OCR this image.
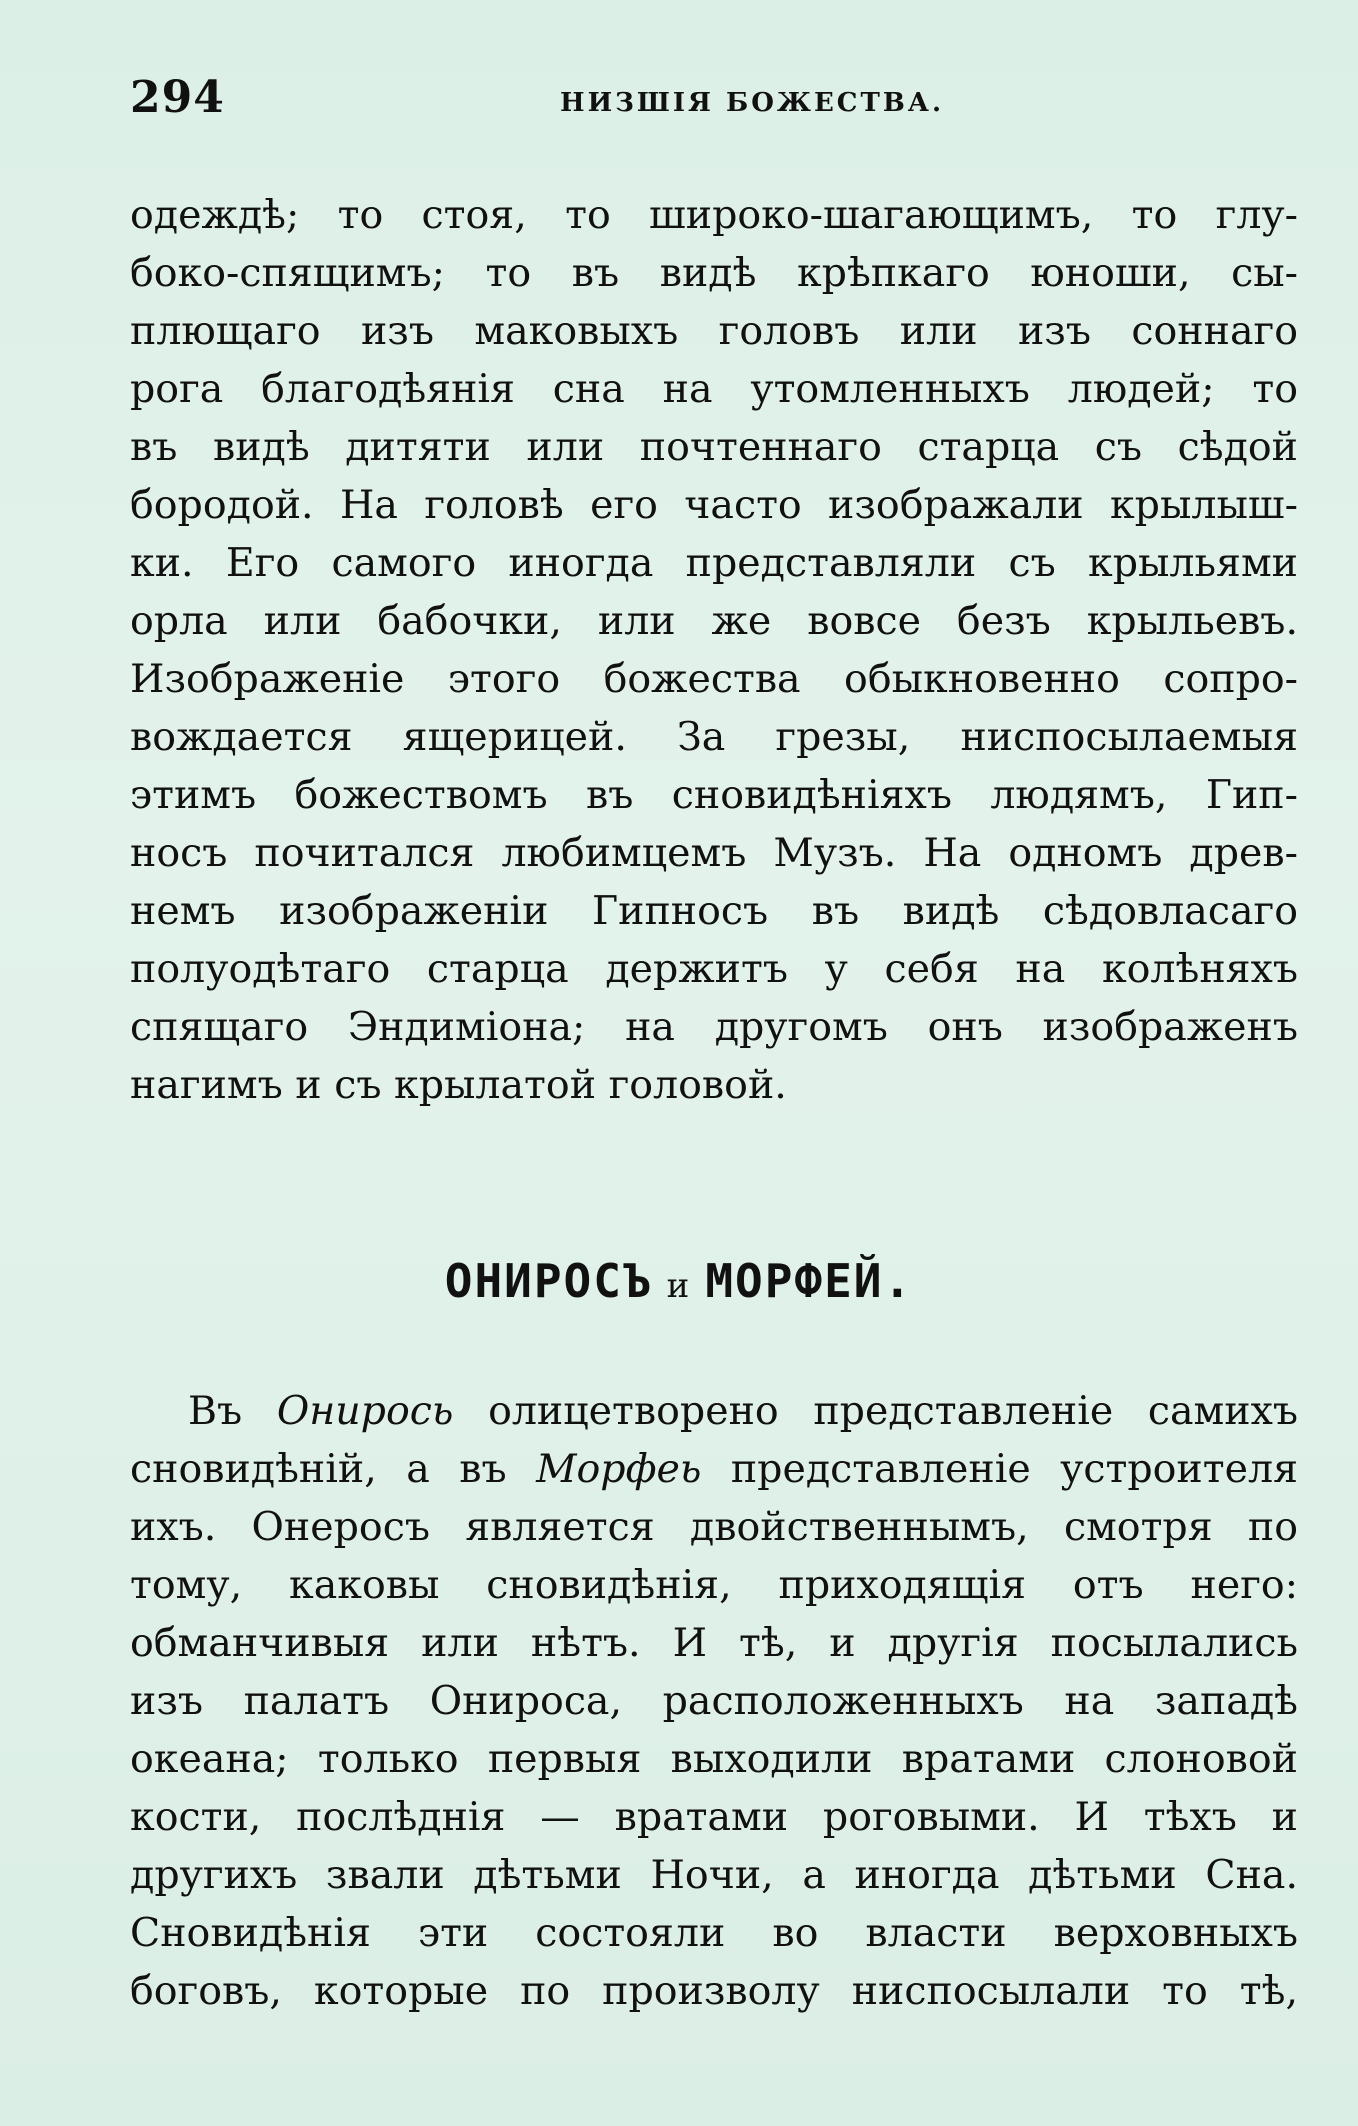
294	НИЗШІЯ БОЖЕСТВА.
одеждѣ; то стоя, то широко-шагающимъ, то глу-
боко-спящимъ; то въ видѣ крѣпкаго юноши, сы-
плющаго изъ маковыхъ головъ или изъ соннаго
рога благодѣянія сна на утомленныхъ людей; то
въ видѣ дитяти или почтеннаго старца съ сѣдой
бородой. На головѣ его часто изображали крылыш-
ки. Его самого иногда представляли съ крыльями
орла или бабочки, или же вовсе безъ крыльевъ.
Изображеніе этого божества обыкновенно сопро-
вождается ящерицей. За грезы, ниспосылаемыя
этимъ божествомъ въ сновидѣніяхъ людямъ, Гип-
носъ почитался любимцемъ Музъ. На одномъ древ-
немъ изображеніи Гипносъ въ видѣ сѣдовласаго
полуодѣтаго старца держитъ у себя на колѣняхъ
спящаго Эндиміона; на другомъ онъ изображенъ
нагимъ и съ крылатой головой.
ОНИРОСЪ и МОРФЕЙ.
Въ Онирось олицетворено представленіе самихъ
сновидѣній, а въ Морфеь представленіе устроителя
ихъ. Онеросъ является двойственнымъ, смотря по
тому, каковы сновидѣнія, приходящія отъ него:
обманчивыя или нѣтъ. И тѣ, и другія посылались
изъ палатъ Онироса, расположенныхъ на западѣ
океана; только первыя выходили вратами слоновой
кости, послѣднія — вратами роговыми. И тѣхъ и
другихъ звали дѣтьми Ночи, а иногда дѣтьми Сна.
Сновидѣнія эти состояли во власти верховныхъ
боговъ, которые по произволу ниспосылали то тѣ,
